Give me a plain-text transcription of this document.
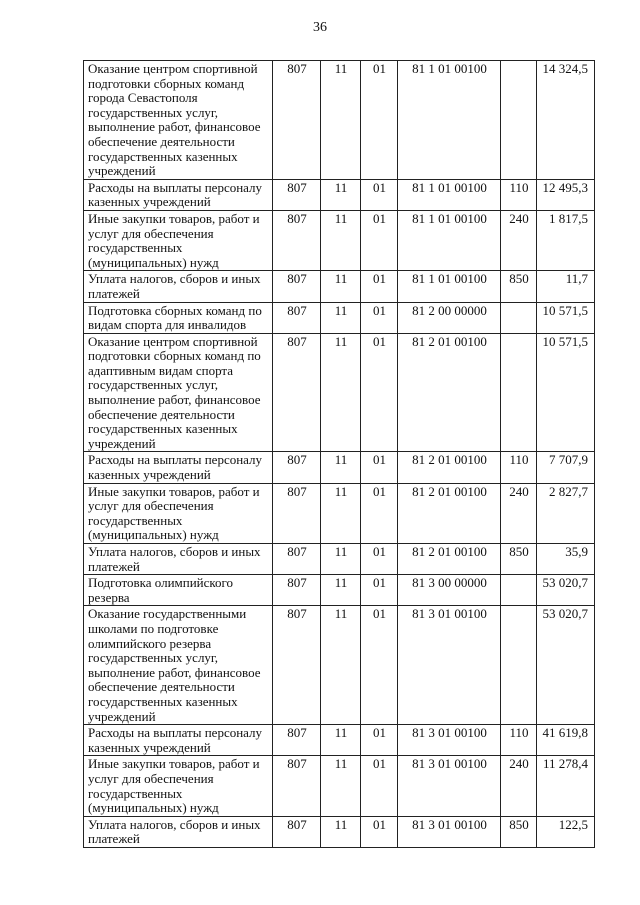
36
Оказание центром спортивной подготовки сборных команд города Севастополя государственных услуг, выполнение работ, финансовое обеспечение деятельности государственных казенных учреждений	807	11	01	81 1 01 00100		14 324,5
Расходы на выплаты персоналу казенных учреждений	807	11	01	81 1 01 00100	110	12 495,3
Иные закупки товаров, работ и услуг для обеспечения государственных (муниципальных) нужд	807	11	01	81 1 01 00100	240	1 817,5
Уплата налогов, сборов и иных платежей	807	11	01	81 1 01 00100	850	11,7
Подготовка сборных команд по видам спорта для инвалидов	807	11	01	81 2 00 00000		10 571,5
Оказание центром спортивной подготовки сборных команд по адаптивным видам спорта государственных услуг, выполнение работ, финансовое обеспечение деятельности государственных казенных учреждений	807	11	01	81 2 01 00100		10 571,5
Расходы на выплаты персоналу казенных учреждений	807	11	01	81 2 01 00100	110	7 707,9
Иные закупки товаров, работ и услуг для обеспечения государственных (муниципальных) нужд	807	11	01	81 2 01 00100	240	2 827,7
Уплата налогов, сборов и иных платежей	807	11	01	81 2 01 00100	850	35,9
Подготовка олимпийского резерва	807	11	01	81 3 00 00000		53 020,7
Оказание государственными школами по подготовке олимпийского резерва государственных услуг, выполнение работ, финансовое обеспечение деятельности государственных казенных учреждений	807	11	01	81 3 01 00100		53 020,7
Расходы на выплаты персоналу казенных учреждений	807	11	01	81 3 01 00100	110	41 619,8
Иные закупки товаров, работ и услуг для обеспечения государственных (муниципальных) нужд	807	11	01	81 3 01 00100	240	11 278,4
Уплата налогов, сборов и иных платежей	807	11	01	81 3 01 00100	850	122,5
